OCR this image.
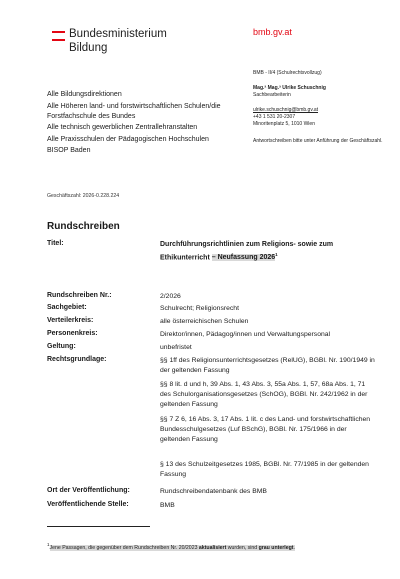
Bundesministerium
Bildung
bmb.gv.at
BMB - II/4 (Schulrechtsvollzug)
Mag.ª Mag.ª Ulrike Schuschnig
Sachbearbeiterin
ulrike.schuschnig@bmb.gv.at
+43 1 531 20-2307
Minoritenplatz 5, 1010 Wien
Antwortschreiben bitte unter Anführung der Geschäftszahl.
Alle Bildungsdirektionen
Alle Höheren land- und forstwirtschaftlichen Schulen/die Forstfachschule des Bundes
Alle technisch gewerblichen Zentrallehranstalten
Alle Praxisschulen der Pädagogischen Hochschulen
BISOP Baden
Geschäftszahl: 2026-0.228.224
Rundschreiben
Titel:	Durchführungsrichtlinien zum Religions- sowie zum Ethikunterricht – Neufassung 2026$^1$
Rundschreiben Nr.:	2/2026
Sachgebiet:	Schulrecht; Religionsrecht
Verteilerkreis:	alle österreichischen Schulen
Personenkreis:	Direktor/innen, Pädagog/innen und Verwaltungspersonal
Geltung:	unbefristet
Rechtsgrundlage:	§§ 1ff des Religionsunterrichtsgesetzes (RelUG), BGBl. Nr. 190/1949 in der geltenden Fassung
§§ 8 lit. d und h, 39 Abs. 1, 43 Abs. 3, 55a Abs. 1, 57, 68a Abs. 1, 71 des Schulorganisationsgesetzes (SchOG), BGBl. Nr. 242/1962 in der geltenden Fassung
§§ 7 Z 6, 16 Abs. 3, 17 Abs. 1 lit. c des Land- und forstwirtschaftlichen Bundesschulgesetzes (Luf BSchG), BGBl. Nr. 175/1966 in der geltenden Fassung
§ 13 des Schulzeitgesetzes 1985, BGBl. Nr. 77/1985 in der geltenden Fassung
Ort der Veröffentlichung:	Rundschreibendatenbank des BMB
Veröffentlichende Stelle:	BMB
1Jene Passagen, die gegenüber dem Rundschreiben Nr. 20/2023 aktualisiert wurden, sind grau unterlegt.
